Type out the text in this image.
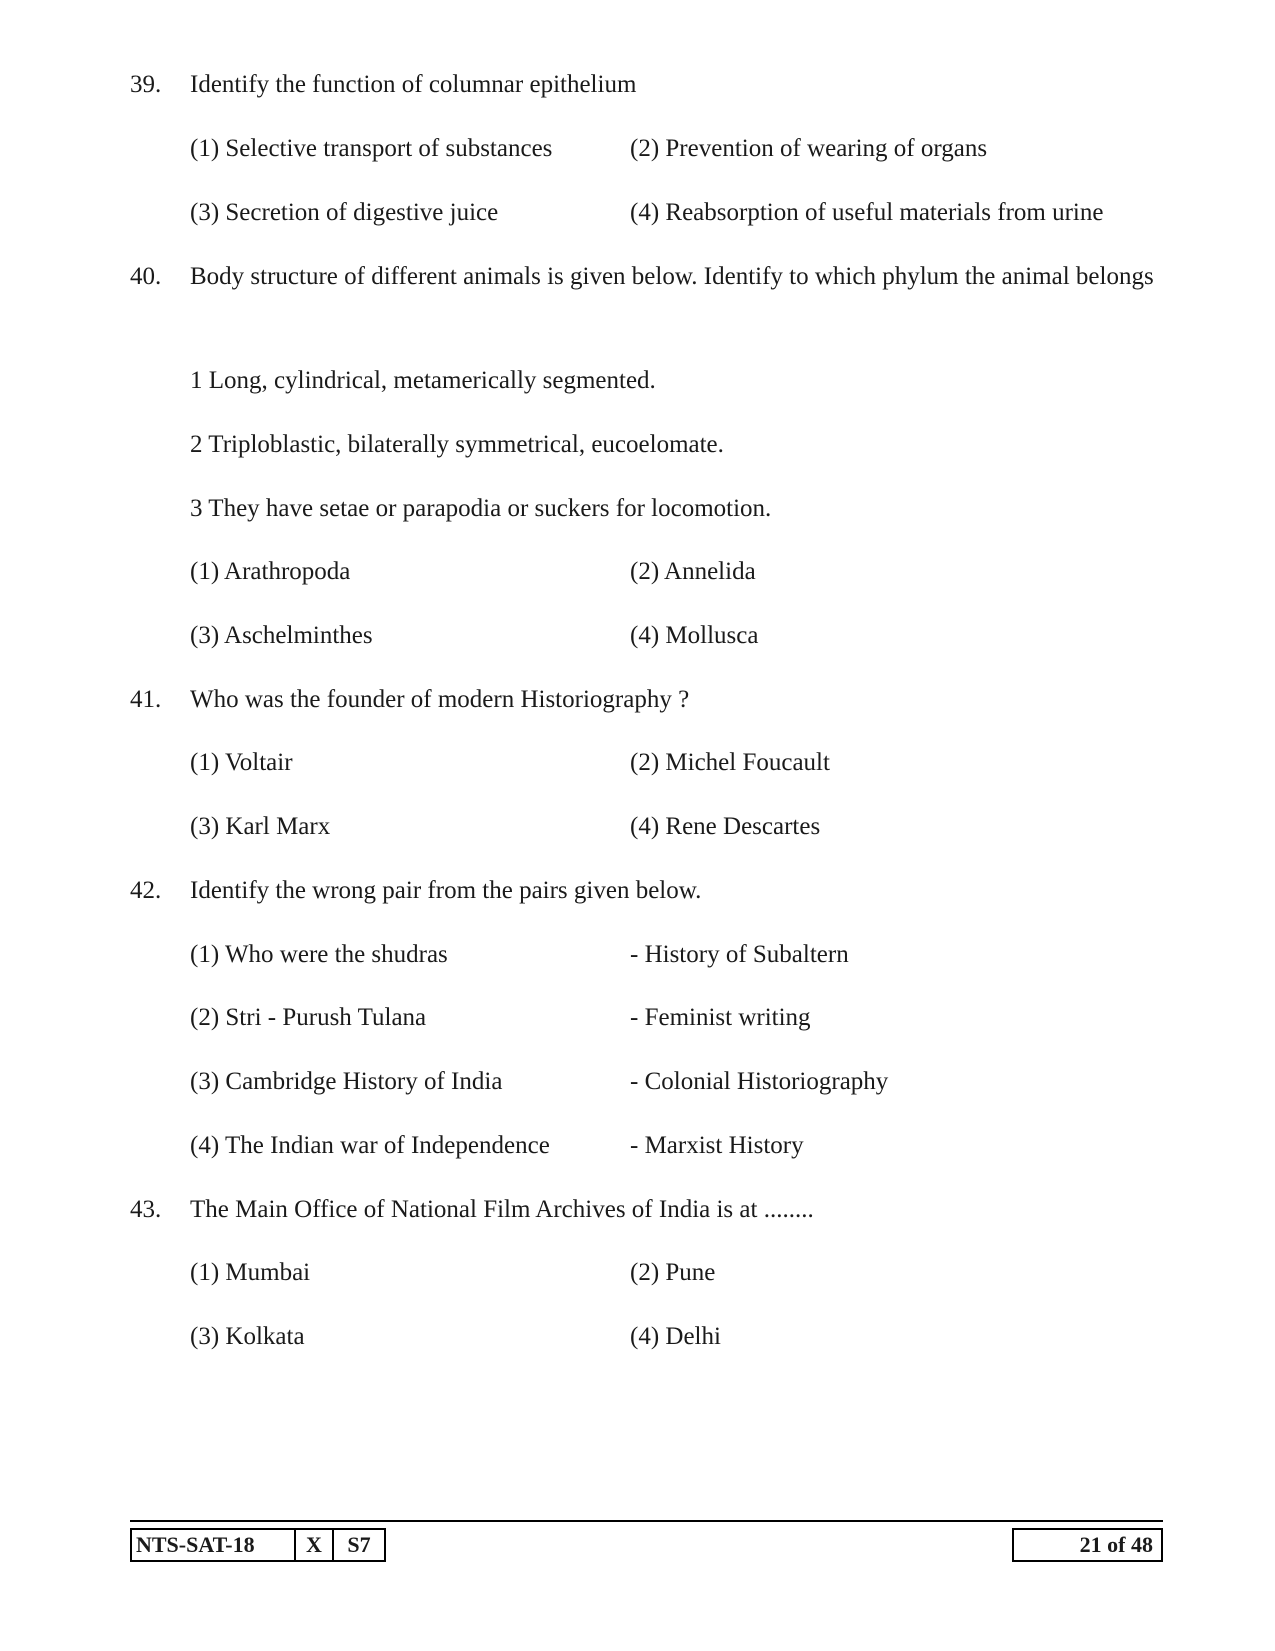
39. Identify the function of columnar epithelium
(1) Selective transport of substances	(2) Prevention of wearing of organs
(3) Secretion of digestive juice	(4) Reabsorption of useful materials from urine
40. Body structure of different animals is given below. Identify to which phylum the animal belongs
1 Long, cylindrical, metamerically segmented.
2 Triploblastic, bilaterally symmetrical, eucoelomate.
3 They have setae or parapodia or suckers for locomotion.
(1) Arathropoda	(2) Annelida
(3) Aschelminthes	(4) Mollusca
41. Who was the founder of modern Historiography ?
(1) Voltair	(2) Michel Foucault
(3) Karl Marx	(4) Rene Descartes
42. Identify the wrong pair from the pairs given below.
(1) Who were the shudras	- History of Subaltern
(2) Stri - Purush Tulana	- Feminist writing
(3) Cambridge History of India	- Colonial Historiography
(4) The Indian war of Independence	- Marxist History
43. The Main Office of National Film Archives of India is at ........
(1) Mumbai	(2) Pune
(3) Kolkata	(4) Delhi
NTS-SAT-18	X	S7	21 of 48
